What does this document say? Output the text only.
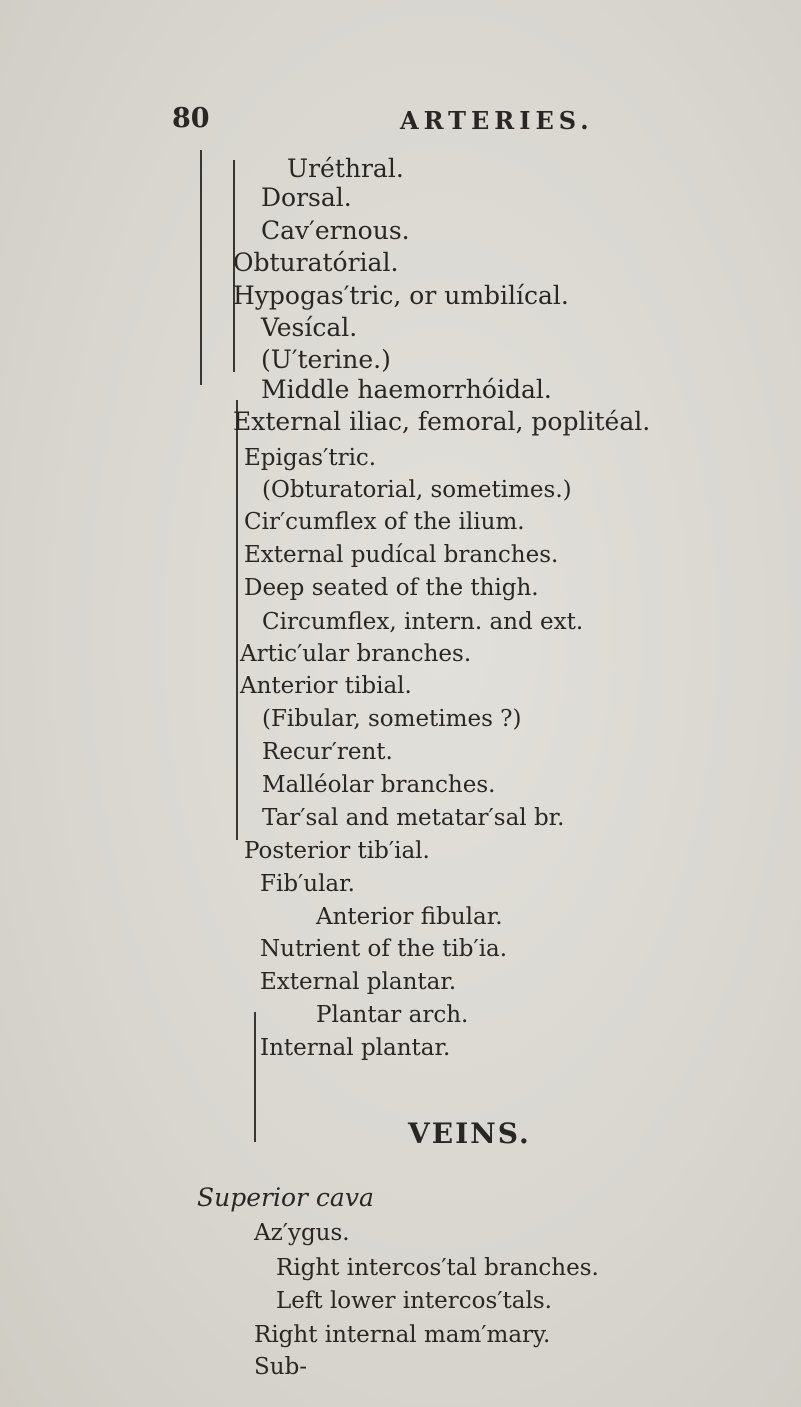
80	ARTERIES.
Uréthral.
Dorsal.
Cav′ernous.
Obturatórial.
Hypogas′tric, or umbilícal.
Vesícal.
(U′terine.)
Middle haemorrhóidal.
External iliac, femoral, poplitéal.
Epigas′tric.
(Obturatorial, sometimes.)
Cir′cumflex of the ilium.
External pudícal branches.
Deep seated of the thigh.
Circumflex, intern. and ext.
Artic′ular branches.
Anterior tibial.
(Fibular, sometimes ?)
Recur′rent.
Malléolar branches.
Tar′sal and metatar′sal br.
Posterior tib′ial.
Fib′ular.
Anterior fibular.
Nutrient of the tib′ia.
External plantar.
Plantar arch.
Internal plantar.
VEINS.
Superior cava
Az′ygus.
Right intercos′tal branches.
Left lower intercos′tals.
Right internal mam′mary.
Sub-
